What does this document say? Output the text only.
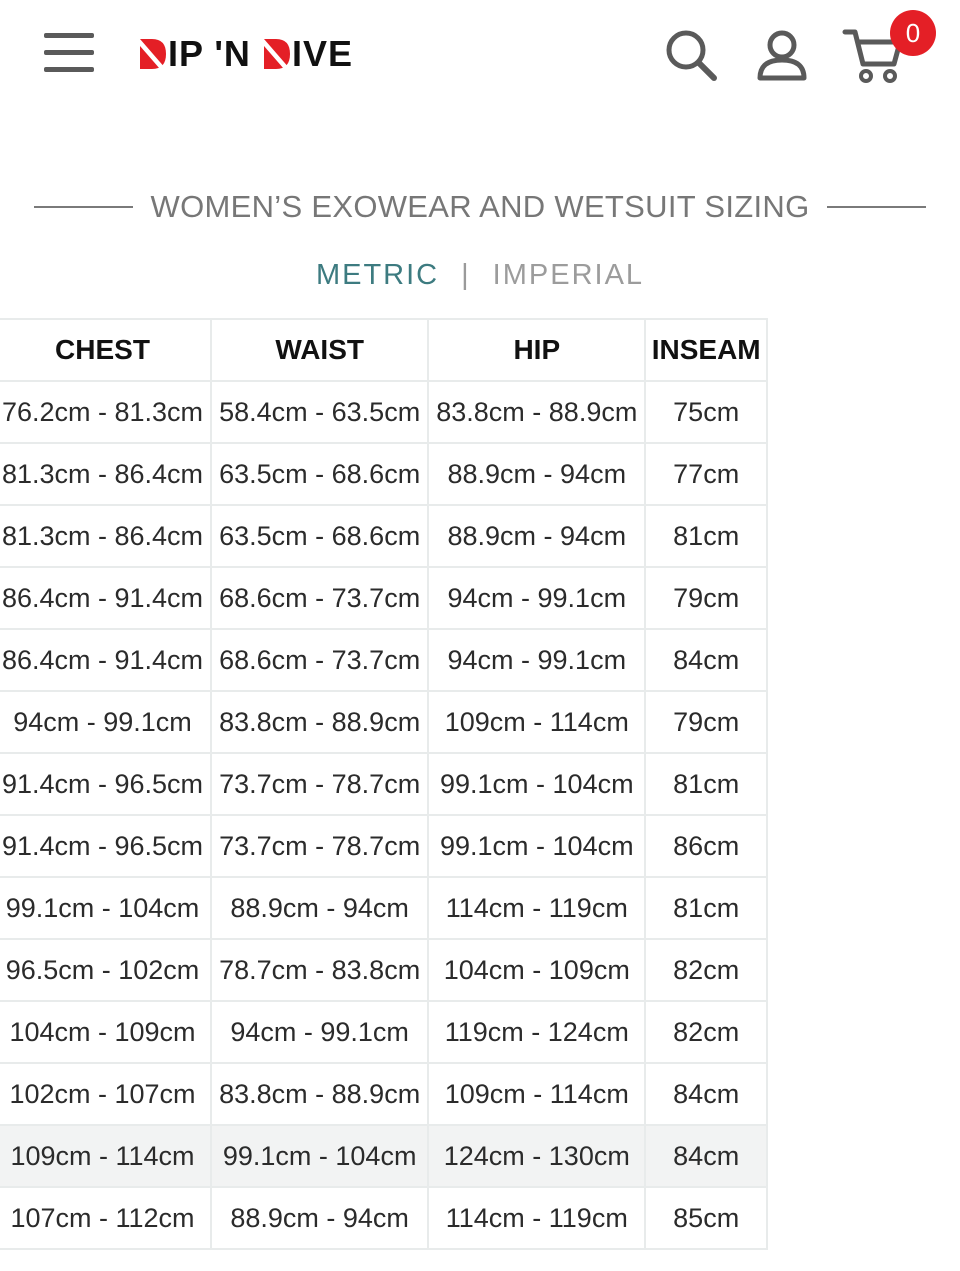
IP 'N IVE
0
WOMEN’S EXOWEAR AND WETSUIT SIZING
METRIC | IMPERIAL
	CHEST	WAIST	HIP	INSEAM
	76.2cm - 81.3cm	58.4cm - 63.5cm	83.8cm - 88.9cm	75cm
	81.3cm - 86.4cm	63.5cm - 68.6cm	88.9cm - 94cm	77cm
	81.3cm - 86.4cm	63.5cm - 68.6cm	88.9cm - 94cm	81cm
	86.4cm - 91.4cm	68.6cm - 73.7cm	94cm - 99.1cm	79cm
	86.4cm - 91.4cm	68.6cm - 73.7cm	94cm - 99.1cm	84cm
	94cm - 99.1cm	83.8cm - 88.9cm	109cm - 114cm	79cm
	91.4cm - 96.5cm	73.7cm - 78.7cm	99.1cm - 104cm	81cm
	91.4cm - 96.5cm	73.7cm - 78.7cm	99.1cm - 104cm	86cm
	99.1cm - 104cm	88.9cm - 94cm	114cm - 119cm	81cm
	96.5cm - 102cm	78.7cm - 83.8cm	104cm - 109cm	82cm
	104cm - 109cm	94cm - 99.1cm	119cm - 124cm	82cm
	102cm - 107cm	83.8cm - 88.9cm	109cm - 114cm	84cm
	109cm - 114cm	99.1cm - 104cm	124cm - 130cm	84cm
	107cm - 112cm	88.9cm - 94cm	114cm - 119cm	85cm
